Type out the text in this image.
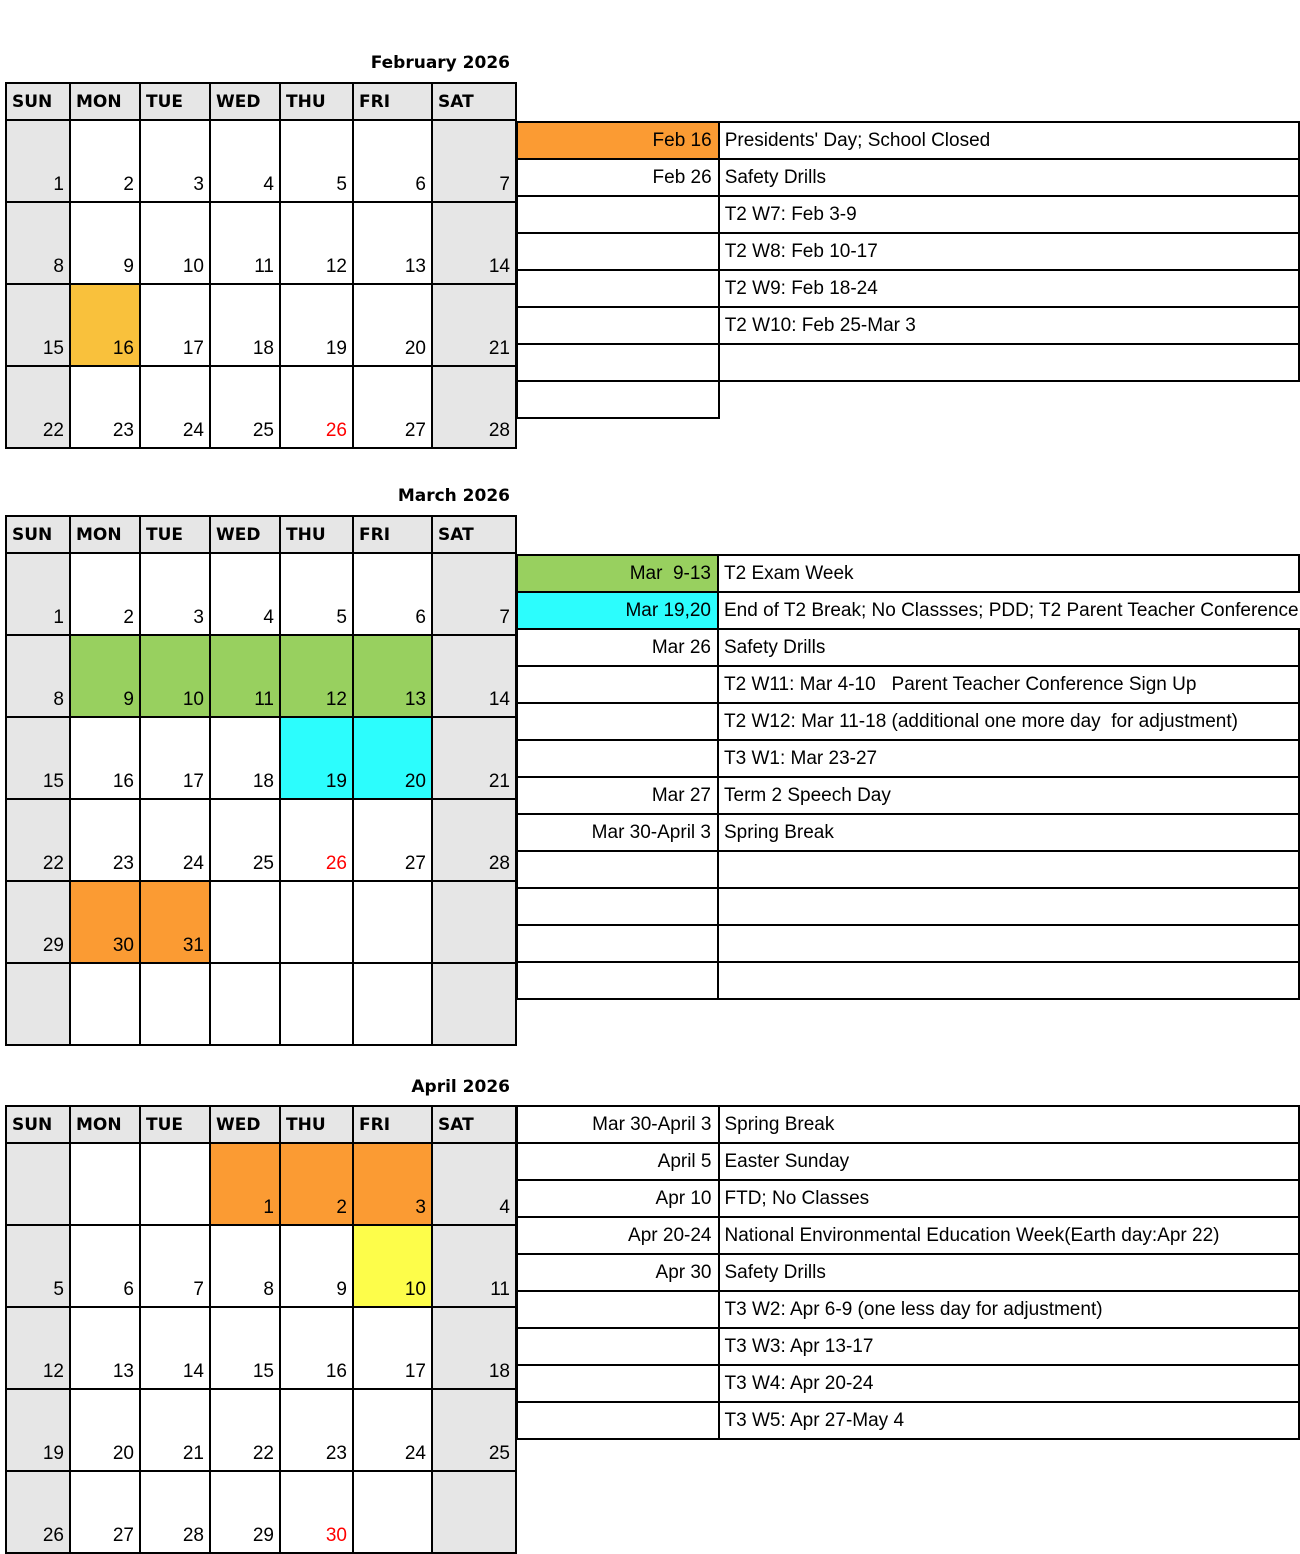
February 2026
SUN	MON	TUE	WED	THU	FRI	SAT
1	2	3	4	5	6	7
8	9	10	11	12	13	14
15	16	17	18	19	20	21
22	23	24	25	26	27	28
Feb 16	Presidents' Day; School Closed
Feb 26	Safety Drills
	T2 W7: Feb 3-9
	T2 W8: Feb 10-17
	T2 W9: Feb 18-24
	T2 W10: Feb 25-Mar 3

March 2026
SUN	MON	TUE	WED	THU	FRI	SAT
1	2	3	4	5	6	7
8	9	10	11	12	13	14
15	16	17	18	19	20	21
22	23	24	25	26	27	28
29	30	31				

Mar  9-13	T2 Exam Week
Mar 19,20	End of T2 Break; No Classses; PDD; T2 Parent Teacher Conference
Mar 26	Safety Drills
	T2 W11: Mar 4-10   Parent Teacher Conference Sign Up
	T2 W12: Mar 11-18 (additional one more day  for adjustment)
	T3 W1: Mar 23-27
Mar 27	Term 2 Speech Day
Mar 30-April 3	Spring Break

April 2026
SUN	MON	TUE	WED	THU	FRI	SAT
			1	2	3	4
5	6	7	8	9	10	11
12	13	14	15	16	17	18
19	20	21	22	23	24	25
26	27	28	29	30		
Mar 30-April 3	Spring Break
April 5	Easter Sunday
Apr 10	FTD; No Classes
Apr 20-24	National Environmental Education Week(Earth day:Apr 22)
Apr 30	Safety Drills
	T3 W2: Apr 6-9 (one less day for adjustment)
	T3 W3: Apr 13-17
	T3 W4: Apr 20-24
	T3 W5: Apr 27-May 4
